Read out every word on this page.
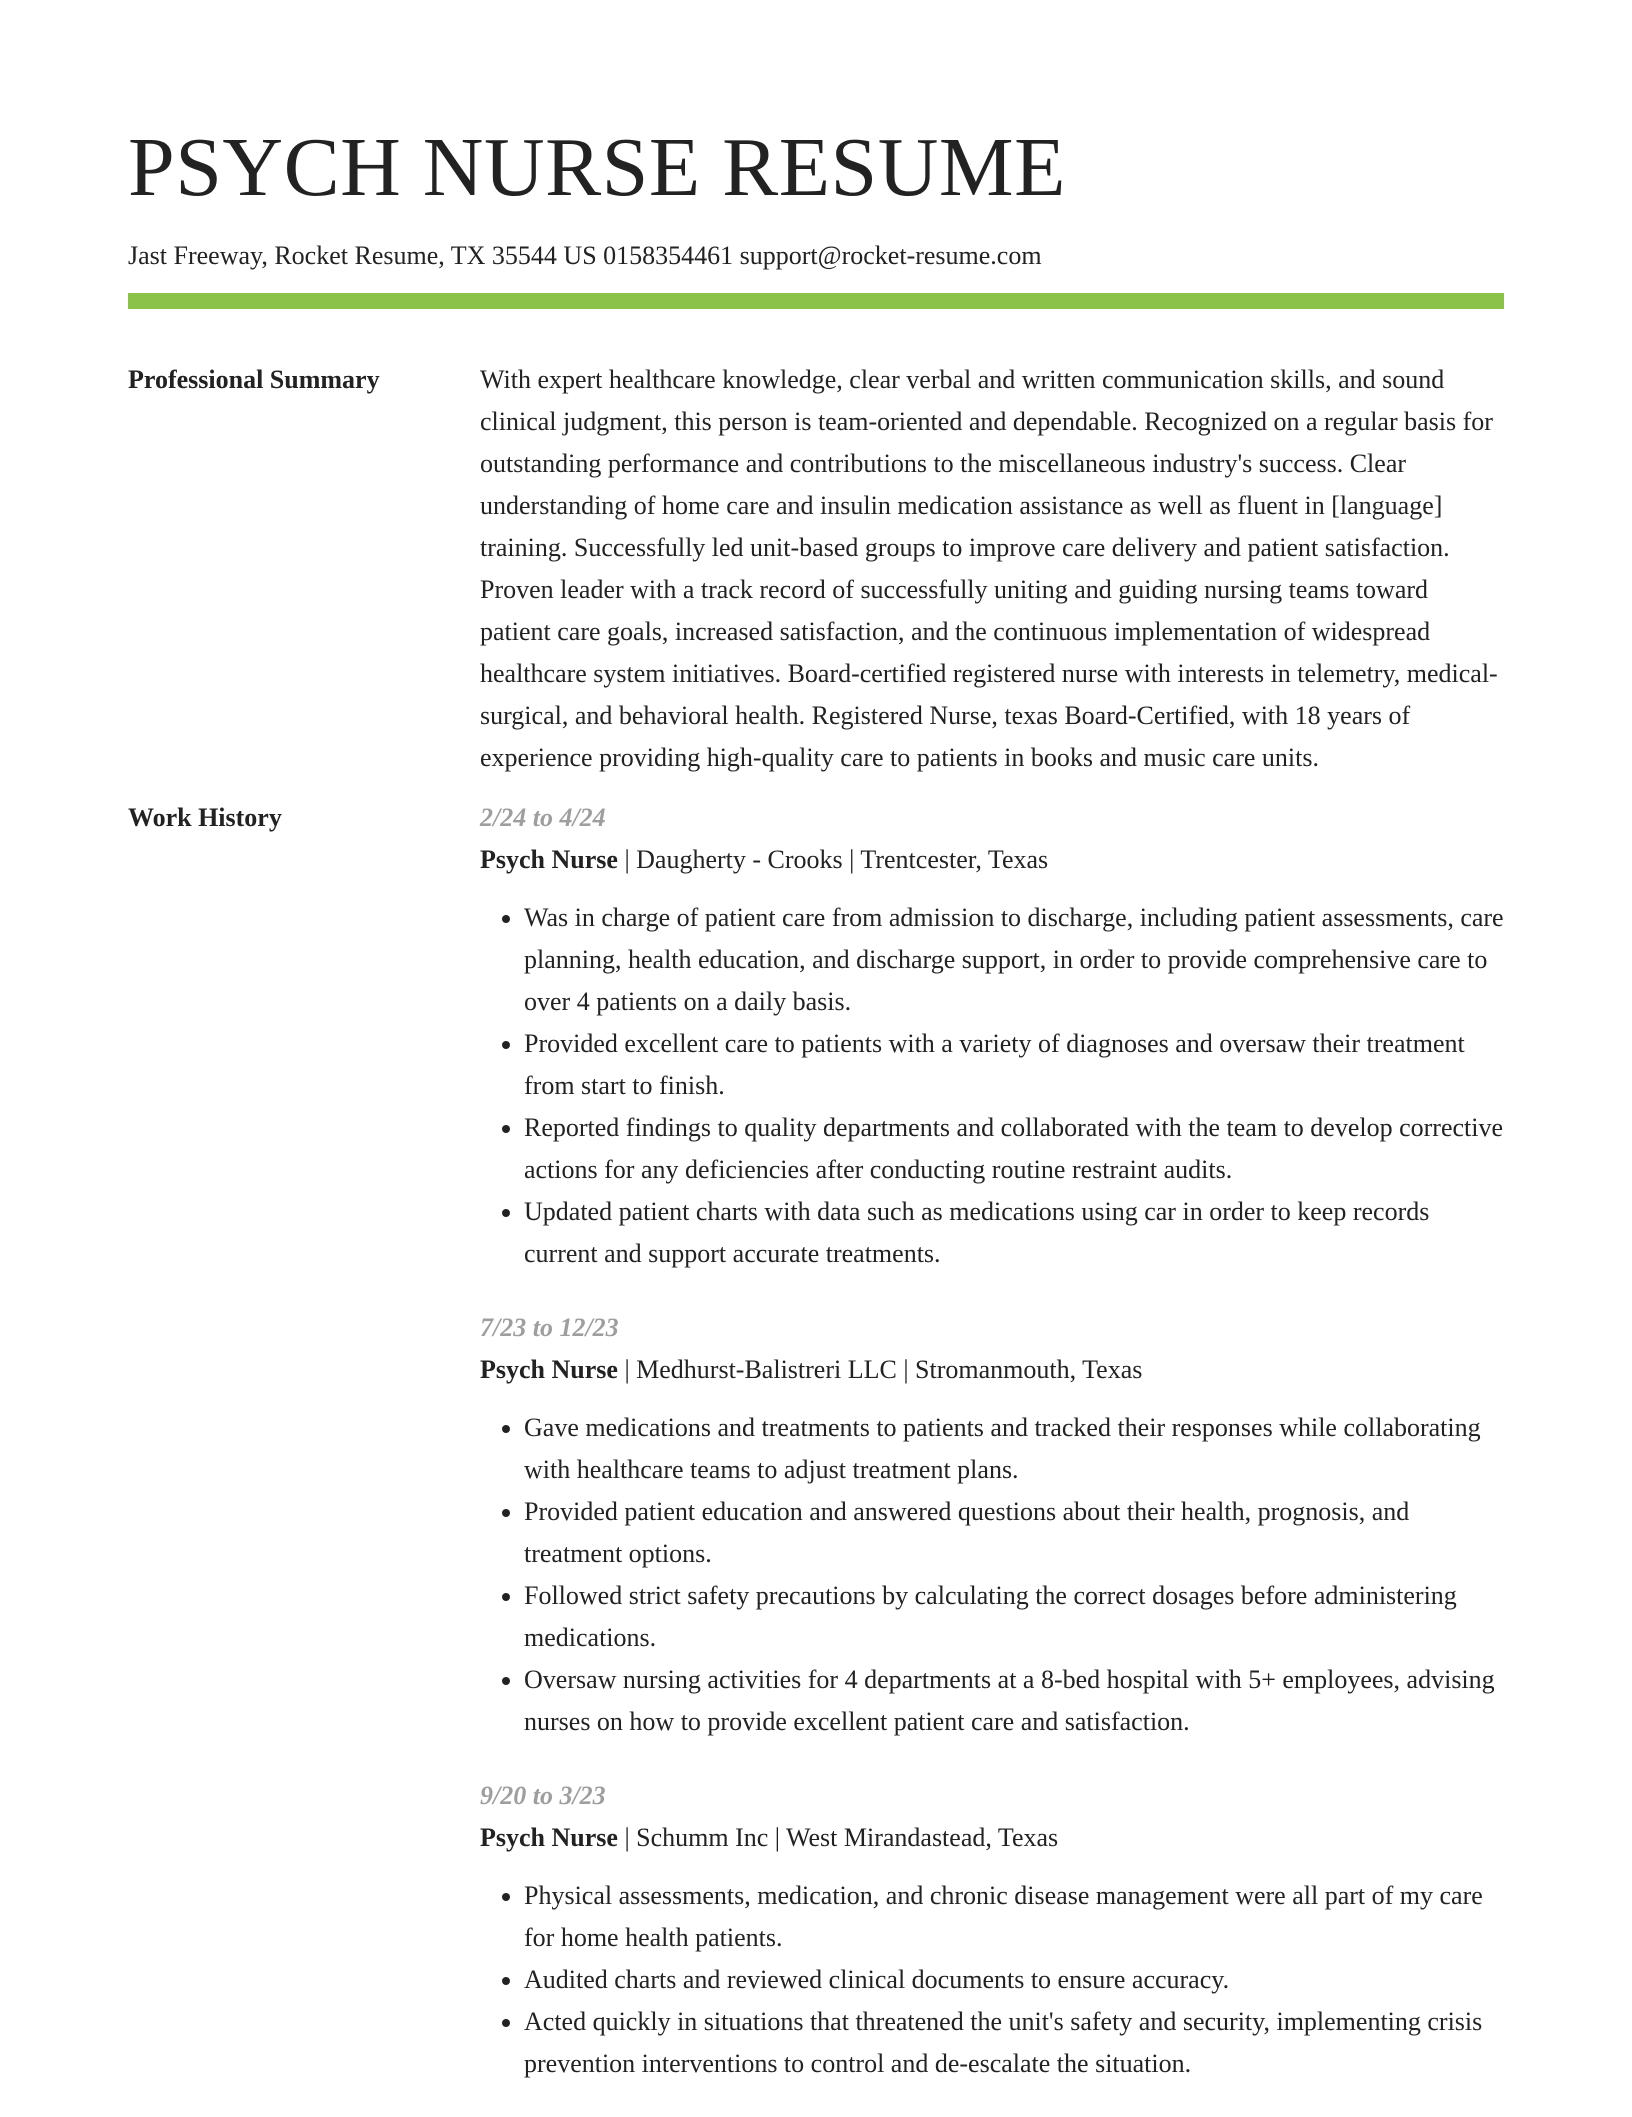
PSYCH NURSE RESUME
Jast Freeway, Rocket Resume, TX 35544 US 0158354461 support@rocket-resume.com
Professional Summary	With expert healthcare knowledge, clear verbal and written communication skills, and sound clinical judgment, this person is team-oriented and dependable. Recognized on a regular basis for outstanding performance and contributions to the miscellaneous industry's success. Clear understanding of home care and insulin medication assistance as well as fluent in [language] training. Successfully led unit-based groups to improve care delivery and patient satisfaction. Proven leader with a track record of successfully uniting and guiding nursing teams toward patient care goals, increased satisfaction, and the continuous implementation of widespread healthcare system initiatives. Board-certified registered nurse with interests in telemetry, medical-surgical, and behavioral health. Registered Nurse, texas Board-Certified, with 18 years of experience providing high-quality care to patients in books and music care units.
Work History	2/24 to 4/24
Psych Nurse | Daugherty - Crooks | Trentcester, Texas
• Was in charge of patient care from admission to discharge, including patient assessments, care planning, health education, and discharge support, in order to provide comprehensive care to over 4 patients on a daily basis.
• Provided excellent care to patients with a variety of diagnoses and oversaw their treatment from start to finish.
• Reported findings to quality departments and collaborated with the team to develop corrective actions for any deficiencies after conducting routine restraint audits.
• Updated patient charts with data such as medications using car in order to keep records current and support accurate treatments.
7/23 to 12/23
Psych Nurse | Medhurst-Balistreri LLC | Stromanmouth, Texas
• Gave medications and treatments to patients and tracked their responses while collaborating with healthcare teams to adjust treatment plans.
• Provided patient education and answered questions about their health, prognosis, and treatment options.
• Followed strict safety precautions by calculating the correct dosages before administering medications.
• Oversaw nursing activities for 4 departments at a 8-bed hospital with 5+ employees, advising nurses on how to provide excellent patient care and satisfaction.
9/20 to 3/23
Psych Nurse | Schumm Inc | West Mirandastead, Texas
• Physical assessments, medication, and chronic disease management were all part of my care for home health patients.
• Audited charts and reviewed clinical documents to ensure accuracy.
• Acted quickly in situations that threatened the unit's safety and security, implementing crisis prevention interventions to control and de-escalate the situation.
